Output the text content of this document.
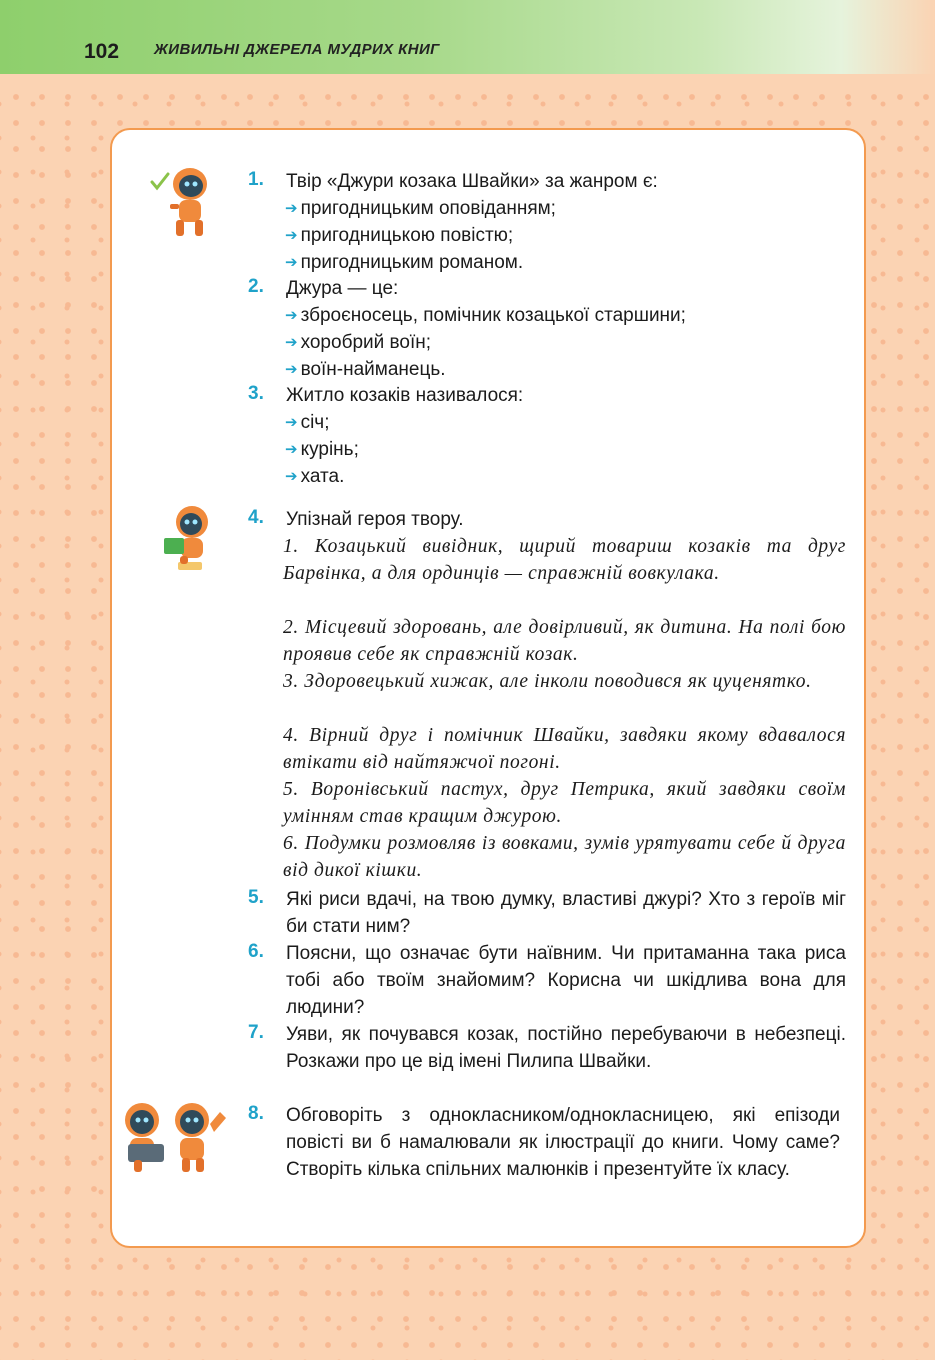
102 ЖИВИЛЬНІ ДЖЕРЕЛА МУДРИХ КНИГ
1. Твір «Джури козака Швайки» за жанром є:
➔ пригодницьким оповіданням;
➔ пригодницькою повістю;
➔ пригодницьким романом.
2. Джура — це:
➔ зброєносець, помічник козацької старшини;
➔ хоробрий воїн;
➔ воїн-найманець.
3. Житло козаків називалося:
➔ січ;
➔ курінь;
➔ хата.
4. Упізнай героя твору.
1. Козацький вивідник, щирий товариш козаків та друг Барвінка, а для ординців — справжній вовкулака.
2. Місцевий здоровань, але довірливий, як дитина. На полі бою проявив себе як справжній козак.
3. Здоровецький хижак, але інколи поводився як цуценятко.
4. Вірний друг і помічник Швайки, завдяки якому вдавалося втікати від найтяжчої погоні.
5. Воронівський пастух, друг Петрика, який завдяки своїм умінням став кращим джурою.
6. Подумки розмовляв із вовками, зумів урятувати себе й друга від дикої кішки.
5. Які риси вдачі, на твою думку, властиві джурі? Хто з героїв міг би стати ним?
6. Поясни, що означає бути наївним. Чи притаманна така риса тобі або твоїм знайомим? Корисна чи шкідлива вона для людини?
7. Уяви, як почувався козак, постійно перебуваючи в небезпеці. Розкажи про це від імені Пилипа Швайки.
8. Обговоріть з однокласником/однокласницею, які епізоди повісті ви б намалювали як ілюстрації до книги. Чому саме? Створіть кілька спільних малюнків і презентуйте їх класу.
